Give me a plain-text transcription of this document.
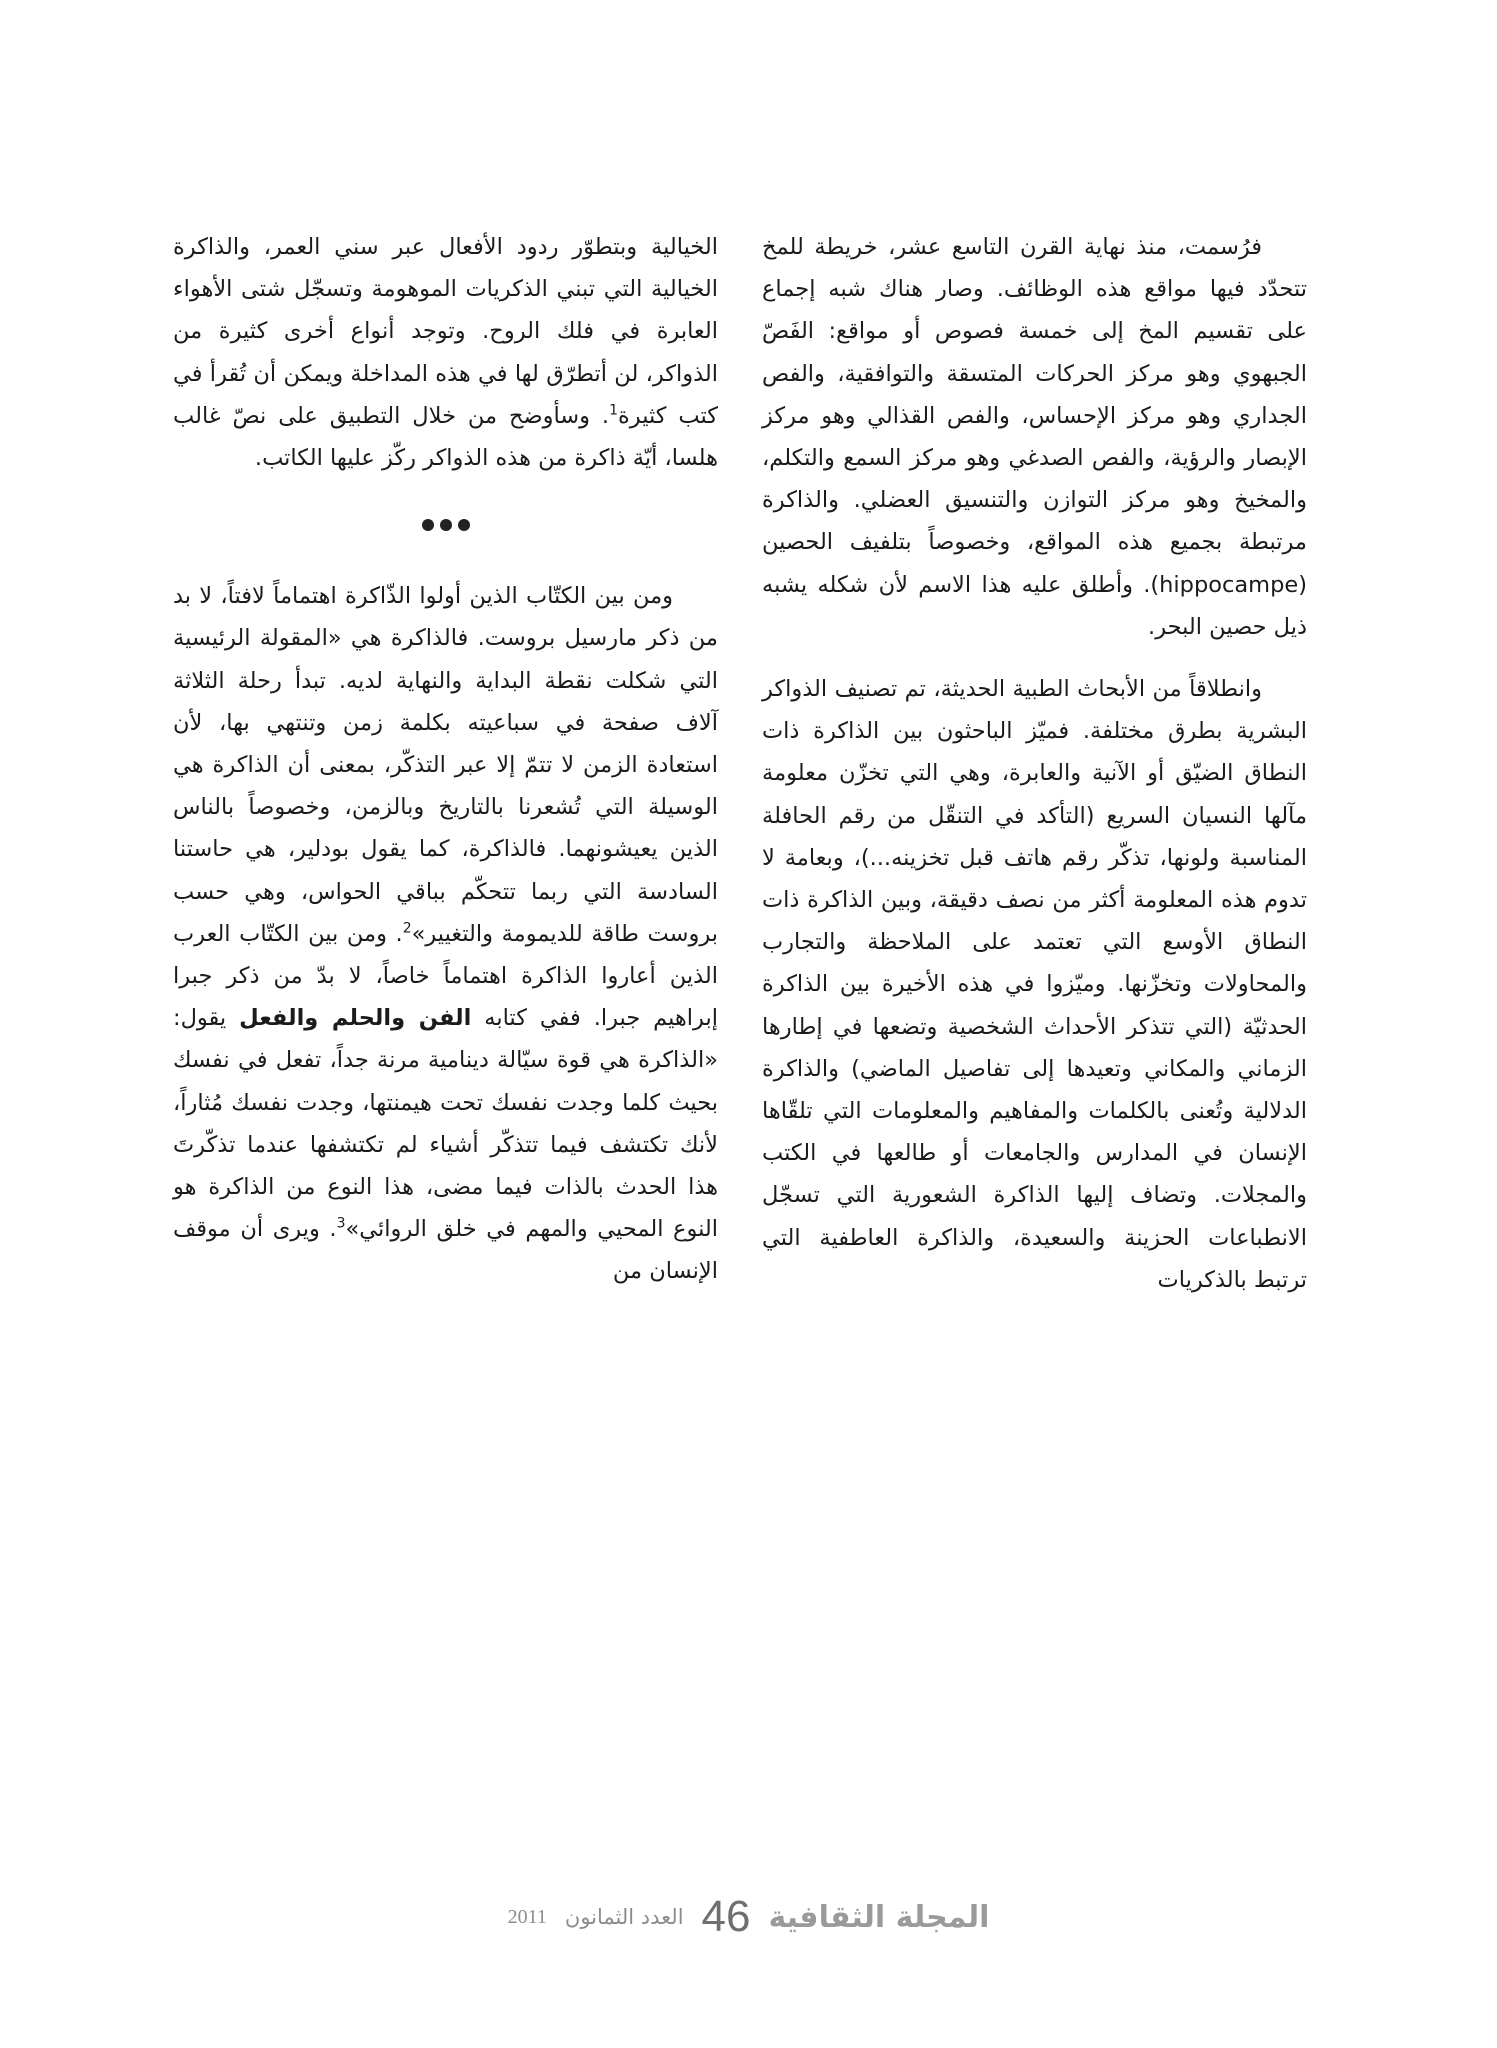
فرُسمت، منذ نهاية القرن التاسع عشر، خريطة للمخ تتحدّد فيها مواقع هذه الوظائف. وصار هناك شبه إجماع على تقسيم المخ إلى خمسة فصوص أو مواقع: الفَصّ الجبهوي وهو مركز الحركات المتسقة والتوافقية، والفص الجداري وهو مركز الإحساس، والفص القذالي وهو مركز الإبصار والرؤية، والفص الصدغي وهو مركز السمع والتكلم، والمخيخ وهو مركز التوازن والتنسيق العضلي. والذاكرة مرتبطة بجميع هذه المواقع، وخصوصاً بتلفيف الحصين (hippocampe). وأطلق عليه هذا الاسم لأن شكله يشبه ذيل حصين البحر.

وانطلاقاً من الأبحاث الطبية الحديثة، تم تصنيف الذواكر البشرية بطرق مختلفة. فميّز الباحثون بين الذاكرة ذات النطاق الضيّق أو الآنية والعابرة، وهي التي تخزّن معلومة مآلها النسيان السريع (التأكد في التنقّل من رقم الحافلة المناسبة ولونها، تذكّر رقم هاتف قبل تخزينه...)، وبعامة لا تدوم هذه المعلومة أكثر من نصف دقيقة، وبين الذاكرة ذات النطاق الأوسع التي تعتمد على الملاحظة والتجارب والمحاولات وتخزّنها. وميّزوا في هذه الأخيرة بين الذاكرة الحدثيّة (التي تتذكر الأحداث الشخصية وتضعها في إطارها الزماني والمكاني وتعيدها إلى تفاصيل الماضي) والذاكرة الدلالية وتُعنى بالكلمات والمفاهيم والمعلومات التي تلقّاها الإنسان في المدارس والجامعات أو طالعها في الكتب والمجلات. وتضاف إليها الذاكرة الشعورية التي تسجّل الانطباعات الحزينة والسعيدة، والذاكرة العاطفية التي ترتبط بالذكريات

الخيالية وبتطوّر ردود الأفعال عبر سني العمر، والذاكرة الخيالية التي تبني الذكريات الموهومة وتسجّل شتى الأهواء العابرة في فلك الروح. وتوجد أنواع أخرى كثيرة من الذواكر، لن أتطرّق لها في هذه المداخلة ويمكن أن تُقرأ في كتب كثيرة$^1$. وسأوضح من خلال التطبيق على نصّ غالب هلسا، أيّة ذاكرة من هذه الذواكر ركّز عليها الكاتب.

ومن بين الكتّاب الذين أولوا الذّاكرة اهتماماً لافتاً، لا بد من ذكر مارسيل بروست. فالذاكرة هي «المقولة الرئيسية التي شكلت نقطة البداية والنهاية لديه. تبدأ رحلة الثلاثة آلاف صفحة في سباعيته بكلمة زمن وتنتهي بها، لأن استعادة الزمن لا تتمّ إلا عبر التذكّر، بمعنى أن الذاكرة هي الوسيلة التي تُشعرنا بالتاريخ وبالزمن، وخصوصاً بالناس الذين يعيشونهما. فالذاكرة، كما يقول بودلير، هي حاستنا السادسة التي ربما تتحكّم بباقي الحواس، وهي حسب بروست طاقة للديمومة والتغيير»$^2$. ومن بين الكتّاب العرب الذين أعاروا الذاكرة اهتماماً خاصاً، لا بدّ من ذكر جبرا إبراهيم جبرا. ففي كتابه الفن والحلم والفعل يقول: «الذاكرة هي قوة سيّالة دينامية مرنة جداً، تفعل في نفسك بحيث كلما وجدت نفسك تحت هيمنتها، وجدت نفسك مُثاراً، لأنك تكتشف فيما تتذكّر أشياء لم تكتشفها عندما تذكّرتَ هذا الحدث بالذات فيما مضى، هذا النوع من الذاكرة هو النوع المحيي والمهم في خلق الروائي»$^3$. ويرى أن موقف الإنسان من

المجلة الثقافية
46
العدد الثمانون
2011
